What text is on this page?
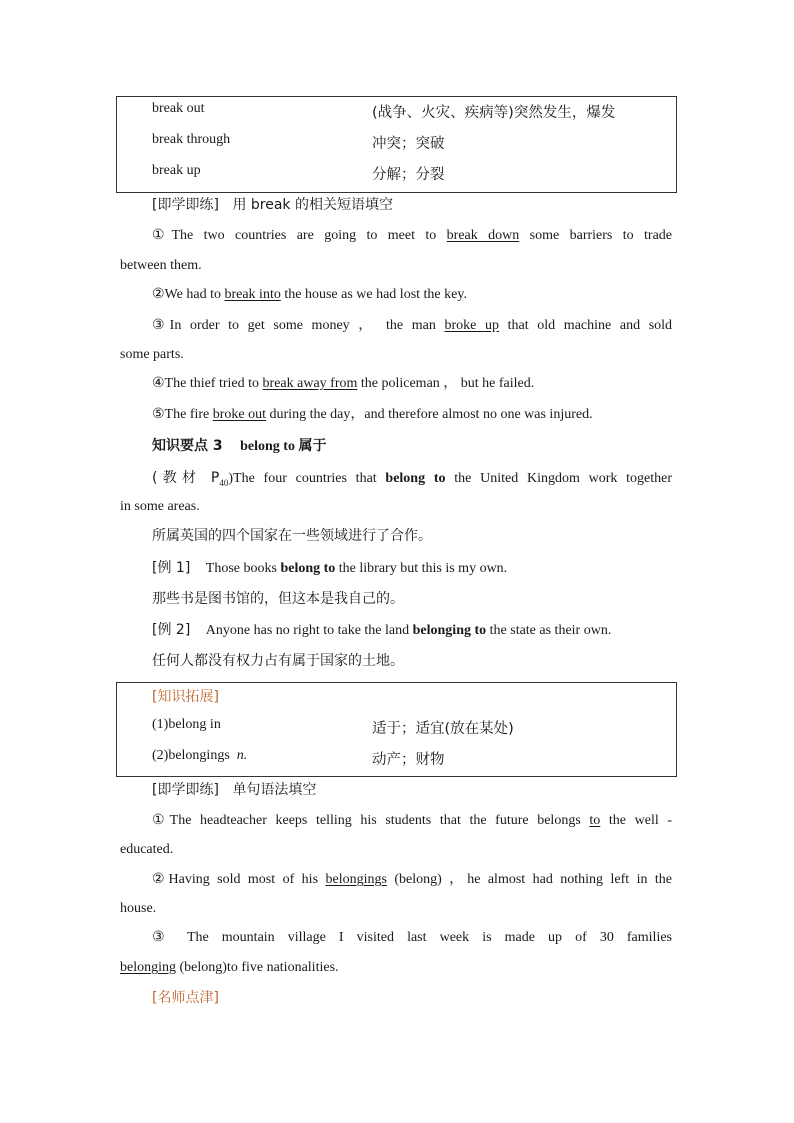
break out	(战争、火灾、疾病等)突然发生，爆发
break through	冲突；突破
break up	分解；分裂
[即学即练] 用 break 的相关短语填空
①The two countries are going to meet to break down some barriers to trade
between them.
②We had to break into the house as we had lost the key.
③In order to get some money ， the man broke up that old machine and sold
some parts.
④The thief tried to break away from the policeman ， but he failed.
⑤The fire broke out during the day，and therefore almost no one was injured.
知识要点 3 belong to 属于
(教材 $P_{40})The$ four countries that belong to the United Kingdom work together
in some areas.
所属英国的四个国家在一些领域进行了合作。
[例 1] Those books belong to the library but this is my own.
那些书是图书馆的，但这本是我自己的。
[例 2] Anyone has no right to take the land belonging to the state as their own.
任何人都没有权力占有属于国家的土地。
[知识拓展]
(1)belong in	适于；适宜(放在某处)
(2)belongings n.	动产；财物
[即学即练] 单句语法填空
①The headteacher keeps telling his students that the future belongs to the well -
educated.
②Having sold most of his belongings (belong) ，he almost had nothing left in the
house.
③ The mountain village I visited last week is made up of 30 families
belonging (belong)to five nationalities.
[名师点津]
